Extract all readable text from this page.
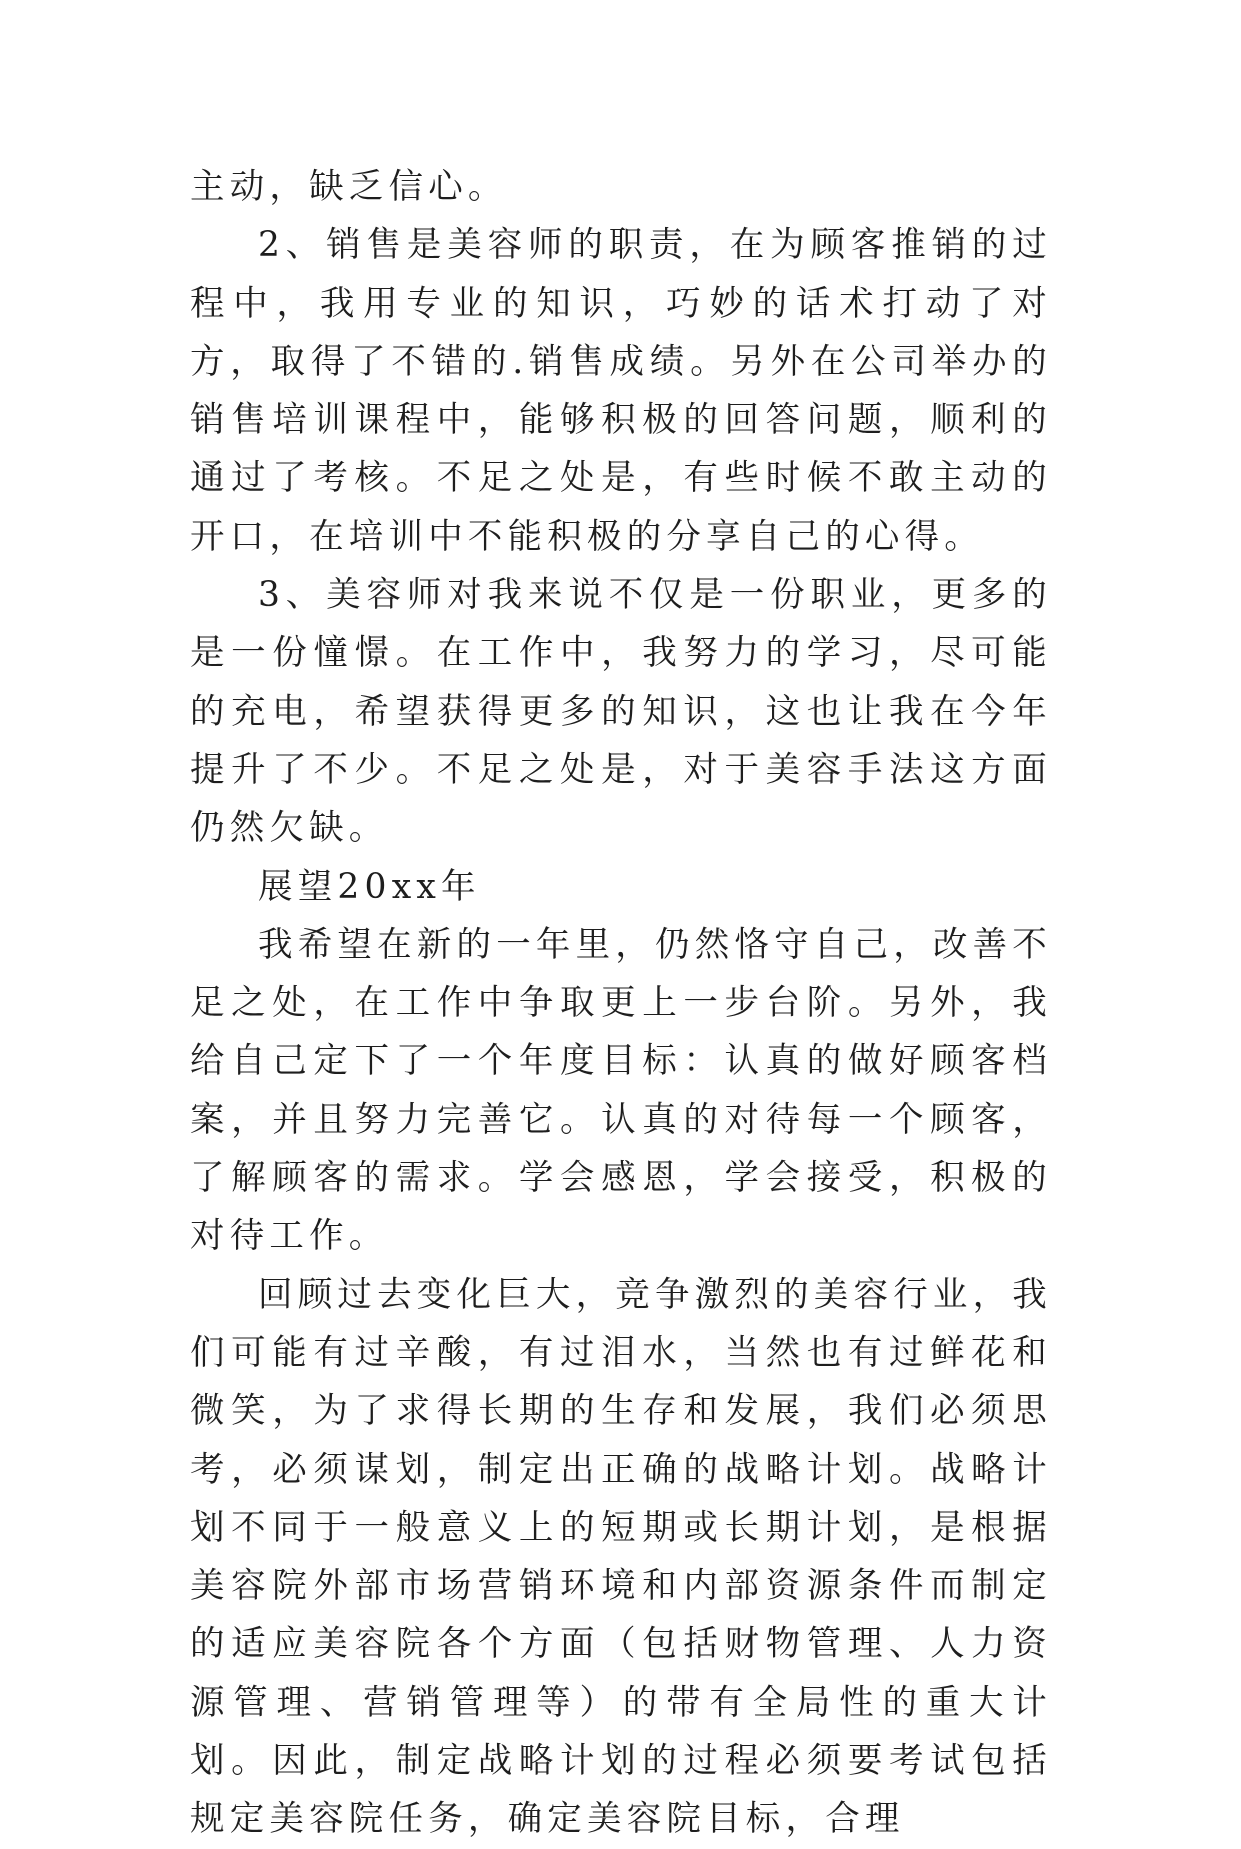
主动，缺乏信心。

2、销售是美容师的职责，在为顾客推销的过程中，我用专业的知识，巧妙的话术打动了对方，取得了不错的.销售成绩。另外在公司举办的销售培训课程中，能够积极的回答问题，顺利的通过了考核。不足之处是，有些时候不敢主动的开口，在培训中不能积极的分享自己的心得。

3、美容师对我来说不仅是一份职业，更多的是一份憧憬。在工作中，我努力的学习，尽可能的充电，希望获得更多的知识，这也让我在今年提升了不少。不足之处是，对于美容手法这方面仍然欠缺。

展望20xx年

我希望在新的一年里，仍然恪守自己，改善不足之处，在工作中争取更上一步台阶。另外，我给自己定下了一个年度目标：认真的做好顾客档案，并且努力完善它。认真的对待每一个顾客，了解顾客的需求。学会感恩，学会接受，积极的对待工作。

回顾过去变化巨大，竞争激烈的美容行业，我们可能有过辛酸，有过泪水，当然也有过鲜花和微笑，为了求得长期的生存和发展，我们必须思考，必须谋划，制定出正确的战略计划。战略计划不同于一般意义上的短期或长期计划，是根据美容院外部市场营销环境和内部资源条件而制定的适应美容院各个方面（包括财物管理、人力资源管理、营销管理等）的带有全局性的重大计划。因此，制定战略计划的过程必须要考试包括规定美容院任务，确定美容院目标，合理
